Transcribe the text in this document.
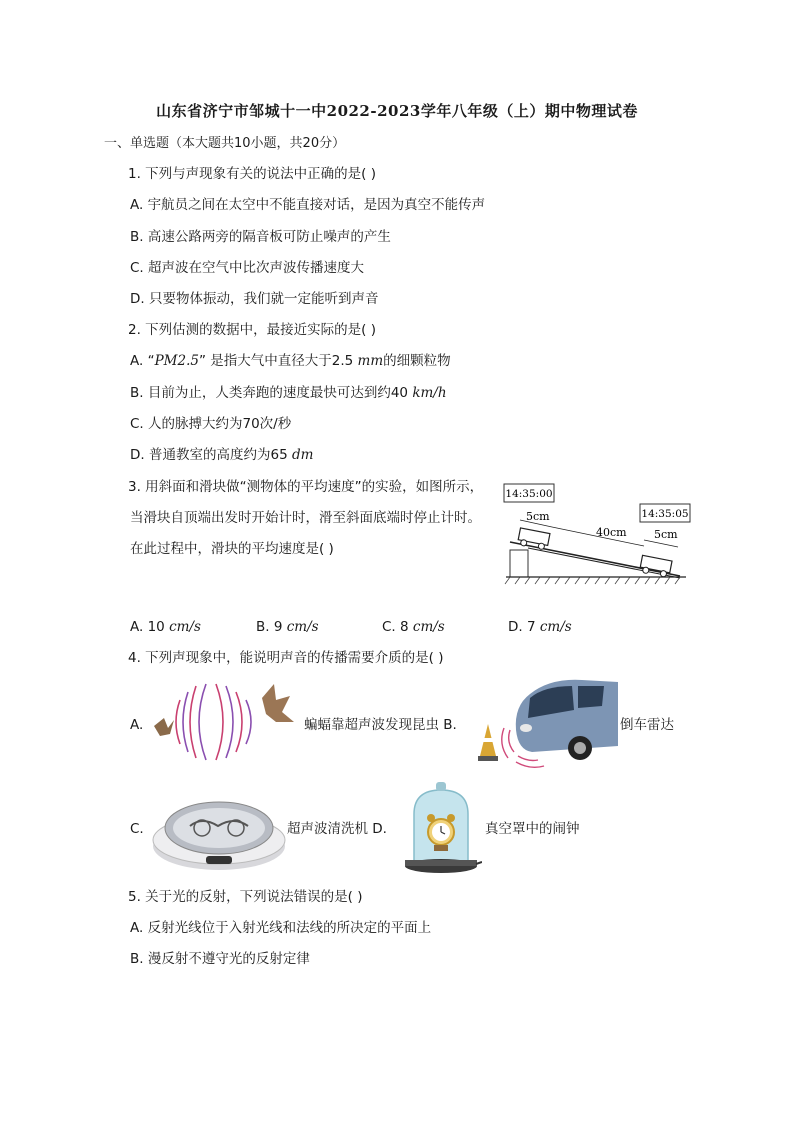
山东省济宁市邹城十一中2022-2023学年八年级（上）期中物理试卷
一、单选题（本大题共10小题，共20分）
1. 下列与声现象有关的说法中正确的是( )
A. 宇航员之间在太空中不能直接对话，是因为真空不能传声
B. 高速公路两旁的隔音板可防止噪声的产生
C. 超声波在空气中比次声波传播速度大
D. 只要物体振动，我们就一定能听到声音
2. 下列估测的数据中，最接近实际的是( )
A. “PM2.5” 是指大气中直径大于2.5 mm的细颗粒物
B. 目前为止，人类奔跑的速度最快可达到约40 km/h
C. 人的脉搏大约为70次/秒
D. 普通教室的高度约为65 dm
3. 用斜面和滑块做“测物体的平均速度”的实验，如图所示，
当滑块自顶端出发时开始计时，滑至斜面底端时停止计时。
在此过程中，滑块的平均速度是( )
14:35:00
14:35:05
5cm
40cm 5cm
A. 10 cm/s	B. 9 cm/s	C. 8 cm/s	D. 7 cm/s
4. 下列声现象中，能说明声音的传播需要介质的是( )
A.	蝙蝠靠超声波发现昆虫 B.	倒车雷达
C.	超声波清洗机 D.	真空罩中的闹钟
5. 关于光的反射，下列说法错误的是( )
A. 反射光线位于入射光线和法线的所决定的平面上
B. 漫反射不遵守光的反射定律
